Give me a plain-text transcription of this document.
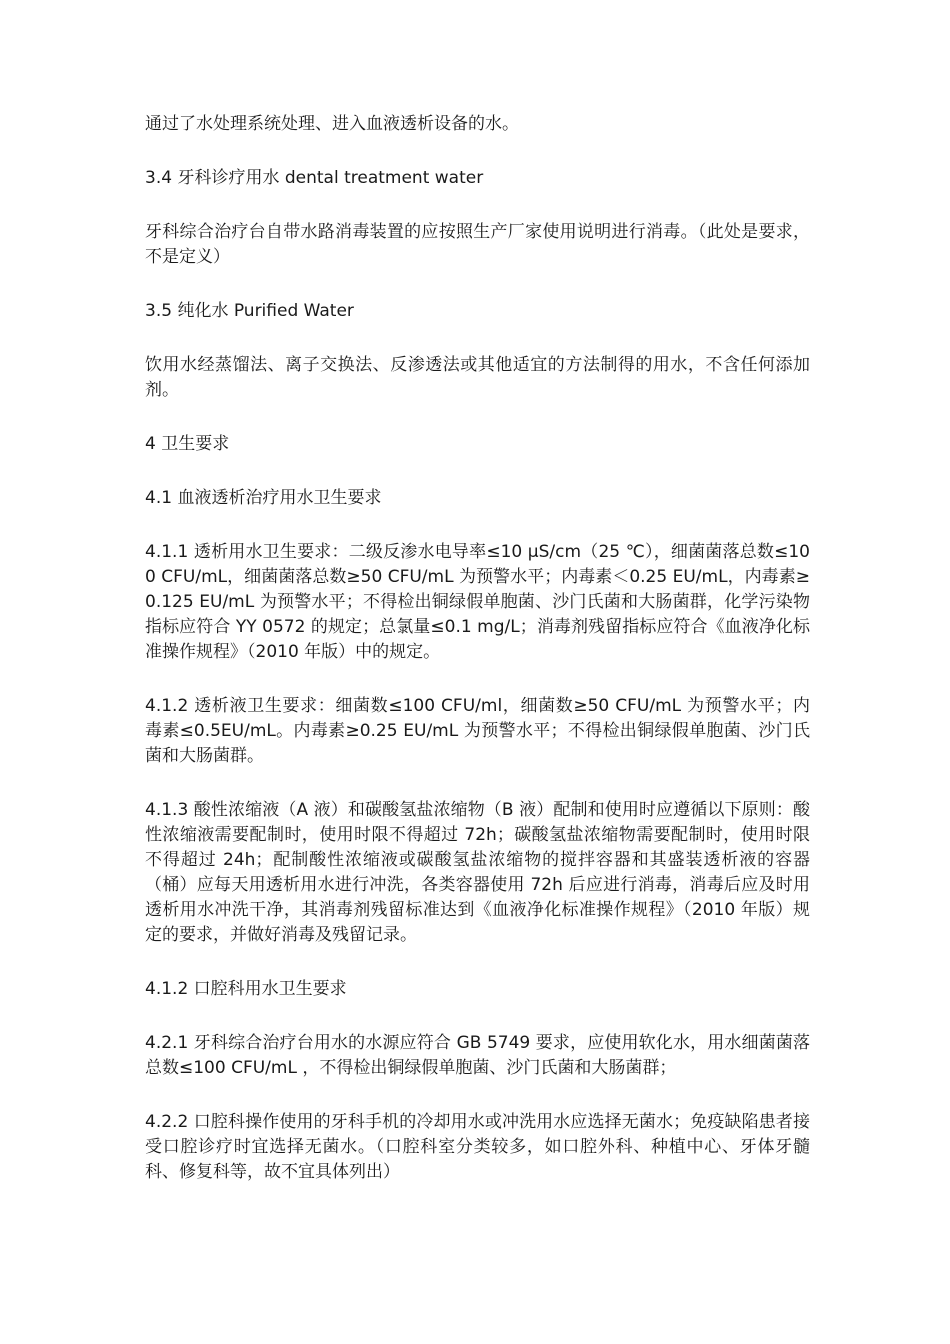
通过了水处理系统处理、进入血液透析设备的水。

3.4 牙科诊疗用水 dental treatment water

牙科综合治疗台自带水路消毒装置的应按照生产厂家使用说明进行消毒。（此处是要求，不是定义）

3.5 纯化水 Purified Water

饮用水经蒸馏法、离子交换法、反渗透法或其他适宜的方法制得的用水，不含任何添加剂。

4 卫生要求

4.1 血液透析治疗用水卫生要求

4.1.1 透析用水卫生要求：二级反渗水电导率≤10 μS/cm（25 ℃），细菌菌落总数≤100 CFU/mL，细菌菌落总数≥50 CFU/mL 为预警水平；内毒素＜0.25 EU/mL，内毒素≥0.125 EU/mL 为预警水平；不得检出铜绿假单胞菌、沙门氏菌和大肠菌群，化学污染物指标应符合 YY 0572 的规定；总氯量≤0.1 mg/L；消毒剂残留指标应符合《血液净化标准操作规程》（2010 年版）中的规定。

4.1.2 透析液卫生要求：细菌数≤100 CFU/ml，细菌数≥50 CFU/mL 为预警水平；内毒素≤0.5EU/mL。内毒素≥0.25 EU/mL 为预警水平；不得检出铜绿假单胞菌、沙门氏菌和大肠菌群。

4.1.3 酸性浓缩液（A 液）和碳酸氢盐浓缩物（B 液）配制和使用时应遵循以下原则：酸性浓缩液需要配制时，使用时限不得超过 72h；碳酸氢盐浓缩物需要配制时，使用时限不得超过 24h；配制酸性浓缩液或碳酸氢盐浓缩物的搅拌容器和其盛装透析液的容器（桶）应每天用透析用水进行冲洗，各类容器使用 72h 后应进行消毒，消毒后应及时用透析用水冲洗干净，其消毒剂残留标准达到《血液净化标准操作规程》（2010 年版）规定的要求，并做好消毒及残留记录。

4.1.2 口腔科用水卫生要求

4.2.1 牙科综合治疗台用水的水源应符合 GB 5749 要求，应使用软化水，用水细菌菌落总数≤100 CFU/mL ，不得检出铜绿假单胞菌、沙门氏菌和大肠菌群；

4.2.2 口腔科操作使用的牙科手机的冷却用水或冲洗用水应选择无菌水；免疫缺陷患者接受口腔诊疗时宜选择无菌水。（口腔科室分类较多，如口腔外科、种植中心、牙体牙髓科、修复科等，故不宜具体列出）
